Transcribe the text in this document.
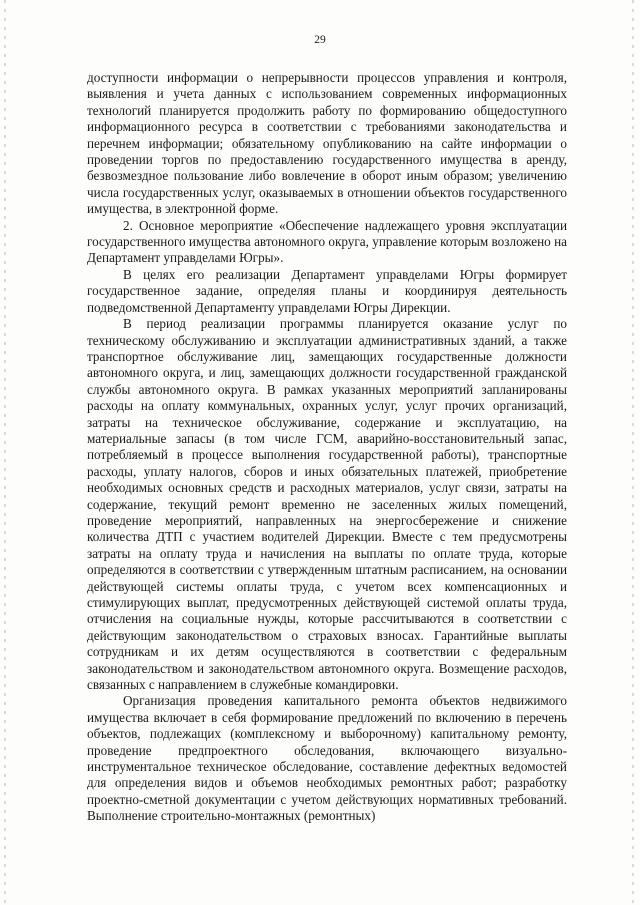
29

доступности информации о непрерывности процессов управления и контроля, выявления и учета данных с использованием современных информационных технологий планируется продолжить работу по формированию общедоступного информационного ресурса в соответствии с требованиями законодательства и перечнем информации; обязательному опубликованию на сайте информации о проведении торгов по предоставлению государственного имущества в аренду, безвозмездное пользование либо вовлечение в оборот иным образом; увеличению числа государственных услуг, оказываемых в отношении объектов государственного имущества, в электронной форме.

2. Основное мероприятие «Обеспечение надлежащего уровня эксплуатации государственного имущества автономного округа, управление которым возложено на Департамент управделами Югры».

В целях его реализации Департамент управделами Югры формирует государственное задание, определяя планы и координируя деятельность подведомственной Департаменту управделами Югры Дирекции.

В период реализации программы планируется оказание услуг по техническому обслуживанию и эксплуатации административных зданий, а также транспортное обслуживание лиц, замещающих государственные должности автономного округа, и лиц, замещающих должности государственной гражданской службы автономного округа. В рамках указанных мероприятий запланированы расходы на оплату коммунальных, охранных услуг, услуг прочих организаций, затраты на техническое обслуживание, содержание и эксплуатацию, на материальные запасы (в том числе ГСМ, аварийно-восстановительный запас, потребляемый в процессе выполнения государственной работы), транспортные расходы, уплату налогов, сборов и иных обязательных платежей, приобретение необходимых основных средств и расходных материалов, услуг связи, затраты на содержание, текущий ремонт временно не заселенных жилых помещений, проведение мероприятий, направленных на энергосбережение и снижение количества ДТП с участием водителей Дирекции. Вместе с тем предусмотрены затраты на оплату труда и начисления на выплаты по оплате труда, которые определяются в соответствии с утвержденным штатным расписанием, на основании действующей системы оплаты труда, с учетом всех компенсационных и стимулирующих выплат, предусмотренных действующей системой оплаты труда, отчисления на социальные нужды, которые рассчитываются в соответствии с действующим законодательством о страховых взносах. Гарантийные выплаты сотрудникам и их детям осуществляются в соответствии с федеральным законодательством и законодательством автономного округа. Возмещение расходов, связанных с направлением в служебные командировки.

Организация проведения капитального ремонта объектов недвижимого имущества включает в себя формирование предложений по включению в перечень объектов, подлежащих (комплексному и выборочному) капитальному ремонту, проведение предпроектного обследования, включающего визуально-инструментальное техническое обследование, составление дефектных ведомостей для определения видов и объемов необходимых ремонтных работ; разработку проектно-сметной документации с учетом действующих нормативных требований. Выполнение строительно-монтажных (ремонтных)
